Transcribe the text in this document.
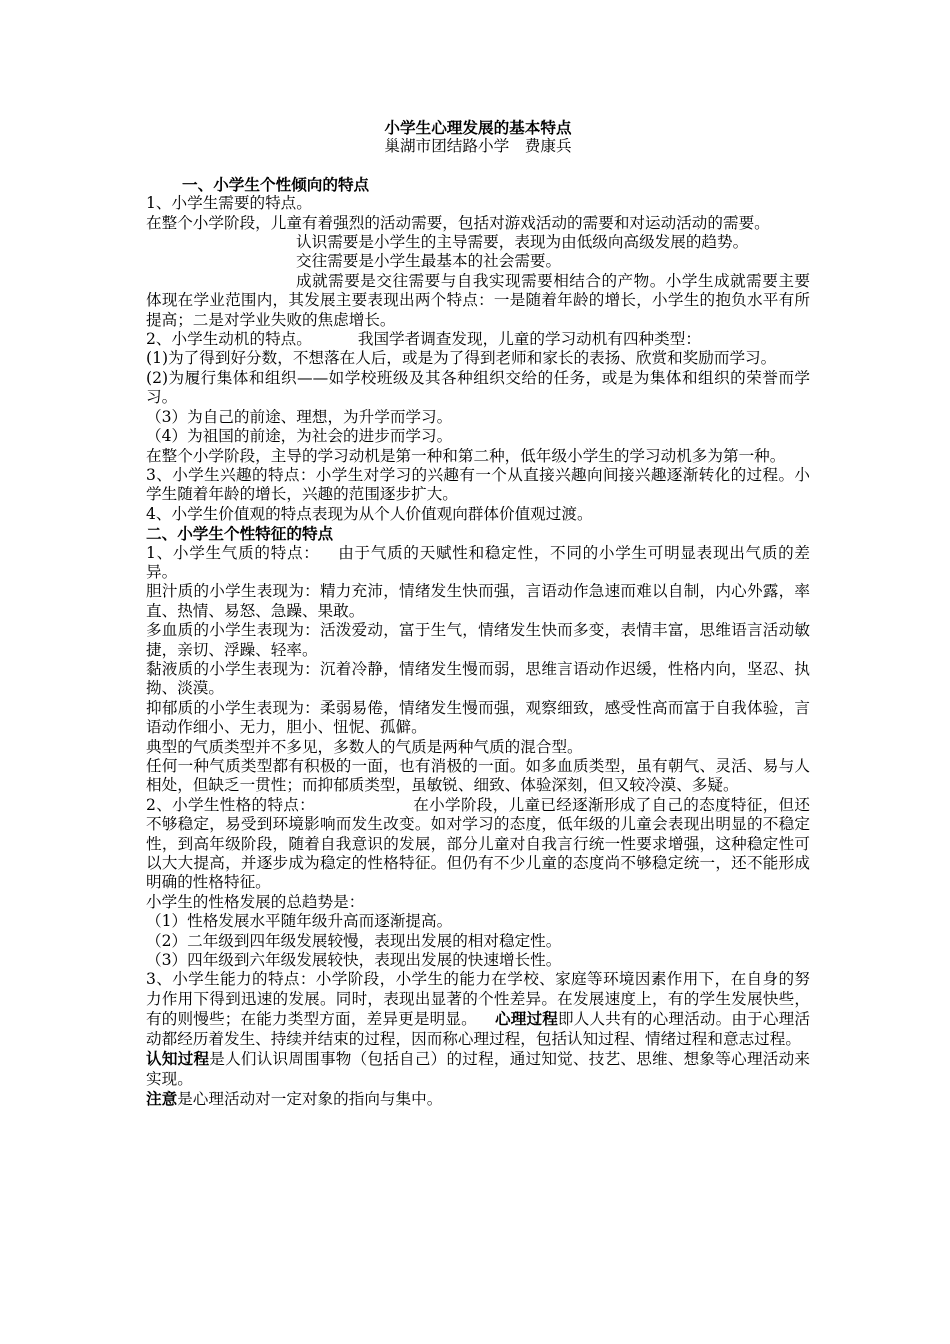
小学生心理发展的基本特点

巢湖市团结路小学　费康兵

一、小学生个性倾向的特点

1、小学生需要的特点。

在整个小学阶段，儿童有着强烈的活动需要，包括对游戏活动的需要和对运动活动的需要。

认识需要是小学生的主导需要，表现为由低级向高级发展的趋势。

交往需要是小学生最基本的社会需要。

成就需要是交往需要与自我实现需要相结合的产物。小学生成就需要主要体现在学业范围内，其发展主要表现出两个特点：一是随着年龄的增长，小学生的抱负水平有所提高；二是对学业失败的焦虑增长。

2、小学生动机的特点。	我国学者调查发现，儿童的学习动机有四种类型：

(1)为了得到好分数，不想落在人后，或是为了得到老师和家长的表扬、欣赏和奖励而学习。

(2)为履行集体和组织——如学校班级及其各种组织交给的任务，或是为集体和组织的荣誉而学习。

（3）为自己的前途、理想，为升学而学习。

（4）为祖国的前途，为社会的进步而学习。

在整个小学阶段，主导的学习动机是第一种和第二种，低年级小学生的学习动机多为第一种。

3、小学生兴趣的特点：小学生对学习的兴趣有一个从直接兴趣向间接兴趣逐渐转化的过程。小学生随着年龄的增长，兴趣的范围逐步扩大。

4、小学生价值观的特点表现为从个人价值观向群体价值观过渡。

二、小学生个性特征的特点

1、小学生气质的特点： 由于气质的天赋性和稳定性，不同的小学生可明显表现出气质的差异。

胆汁质的小学生表现为：精力充沛，情绪发生快而强，言语动作急速而难以自制，内心外露，率直、热情、易怒、急躁、果敢。

多血质的小学生表现为：活泼爱动，富于生气，情绪发生快而多变，表情丰富，思维语言活动敏捷，亲切、浮躁、轻率。

黏液质的小学生表现为：沉着冷静，情绪发生慢而弱，思维言语动作迟缓，性格内向，坚忍、执拗、淡漠。

抑郁质的小学生表现为：柔弱易倦，情绪发生慢而强，观察细致，感受性高而富于自我体验，言语动作细小、无力，胆小、忸怩、孤僻。

典型的气质类型并不多见，多数人的气质是两种气质的混合型。

任何一种气质类型都有积极的一面，也有消极的一面。如多血质类型，虽有朝气、灵活、易与人相处，但缺乏一贯性；而抑郁质类型，虽敏锐、细致、体验深刻，但又较冷漠、多疑。

2、小学生性格的特点：	在小学阶段，儿童已经逐渐形成了自己的态度特征，但还不够稳定，易受到环境影响而发生改变。如对学习的态度，低年级的儿童会表现出明显的不稳定性，到高年级阶段，随着自我意识的发展，部分儿童对自我言行统一性要求增强，这种稳定性可以大大提高，并逐步成为稳定的性格特征。但仍有不少儿童的态度尚不够稳定统一，还不能形成明确的性格特征。

小学生的性格发展的总趋势是：

（1）性格发展水平随年级升高而逐渐提高。

（2）二年级到四年级发展较慢，表现出发展的相对稳定性。

（3）四年级到六年级发展较快，表现出发展的快速增长性。

3、小学生能力的特点：小学阶段，小学生的能力在学校、家庭等环境因素作用下，在自身的努力作用下得到迅速的发展。同时，表现出显著的个性差异。在发展速度上，有的学生发展快些，有的则慢些；在能力类型方面，差异更是明显。 心理过程即人人共有的心理活动。由于心理活动都经历着发生、持续并结束的过程，因而称心理过程，包括认知过程、情绪过程和意志过程。

认知过程是人们认识周围事物（包括自己）的过程，通过知觉、技艺、思维、想象等心理活动来实现。

注意是心理活动对一定对象的指向与集中。
